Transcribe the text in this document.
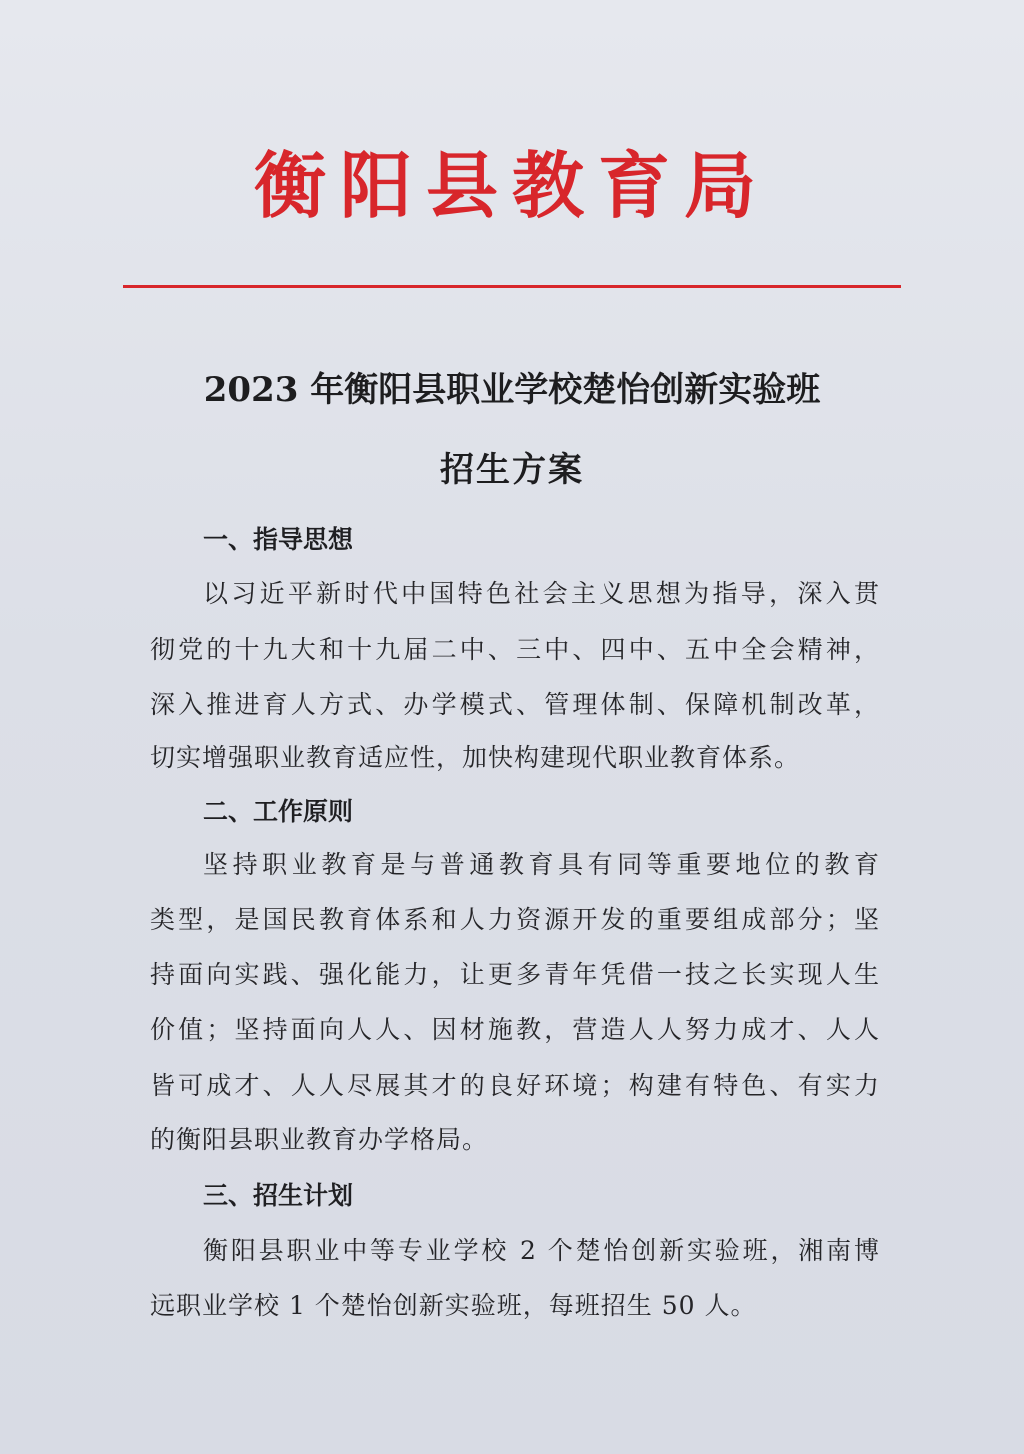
衡阳县教育局
2023 年衡阳县职业学校楚怡创新实验班
招生方案
一、指导思想
以习近平新时代中国特色社会主义思想为指导，深入贯
彻党的十九大和十九届二中、三中、四中、五中全会精神，
深入推进育人方式、办学模式、管理体制、保障机制改革，
切实增强职业教育适应性，加快构建现代职业教育体系。
二、工作原则
坚持职业教育是与普通教育具有同等重要地位的教育
类型，是国民教育体系和人力资源开发的重要组成部分；坚
持面向实践、强化能力，让更多青年凭借一技之长实现人生
价值；坚持面向人人、因材施教，营造人人努力成才、人人
皆可成才、人人尽展其才的良好环境；构建有特色、有实力
的衡阳县职业教育办学格局。
三、招生计划
衡阳县职业中等专业学校 2 个楚怡创新实验班，湘南博
远职业学校 1 个楚怡创新实验班，每班招生 50 人。
